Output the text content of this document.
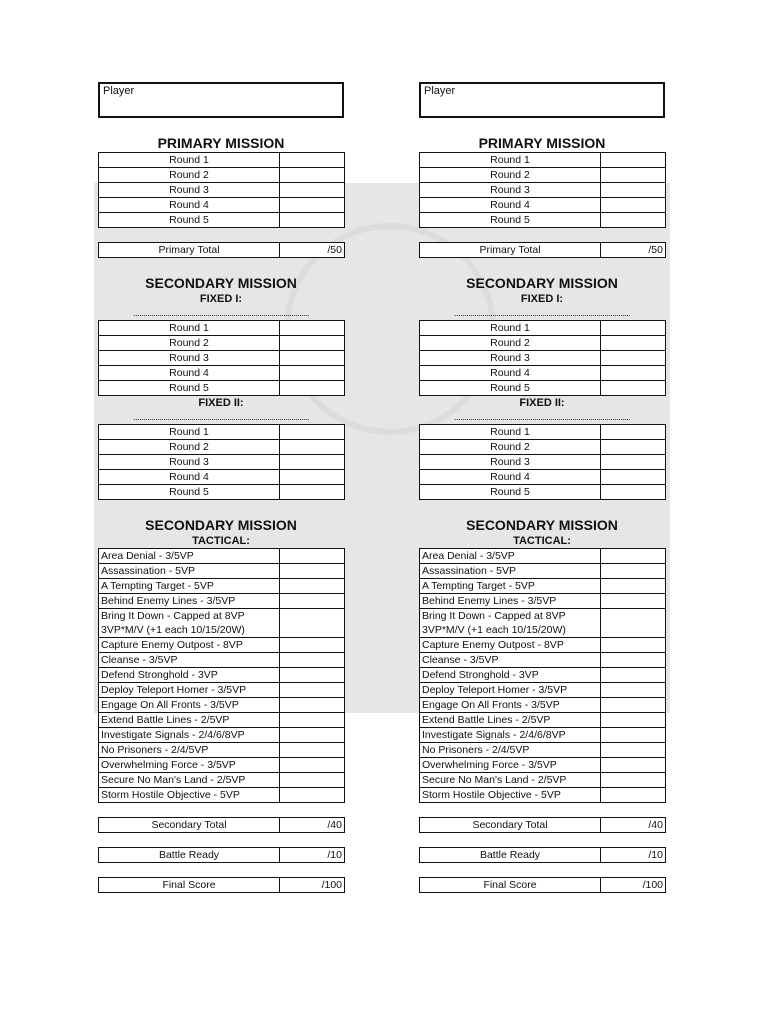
Player
PRIMARY MISSION
Round 1	
Round 2	
Round 3	
Round 4	
Round 5	
Primary Total	/50
SECONDARY MISSION
FIXED I:
........................................................................................
Round 1	
Round 2	
Round 3	
Round 4	
Round 5	
FIXED II:
........................................................................................
Round 1	
Round 2	
Round 3	
Round 4	
Round 5	
SECONDARY MISSION
TACTICAL:
Area Denial - 3/5VP	
Assassination - 5VP	
A Tempting Target - 5VP	
Behind Enemy Lines - 3/5VP	
Bring It Down - Capped at 8VP	
3VP*M/V (+1 each 10/15/20W)	
Capture Enemy Outpost - 8VP	
Cleanse - 3/5VP	
Defend Stronghold - 3VP	
Deploy Teleport Homer - 3/5VP	
Engage On All Fronts - 3/5VP	
Extend Battle Lines - 2/5VP	
Investigate Signals - 2/4/6/8VP	
No Prisoners - 2/4/5VP	
Overwhelming Force - 3/5VP	
Secure No Man's Land - 2/5VP	
Storm Hostile Objective - 5VP	
Secondary Total	/40
Battle Ready	/10
Final Score	/100
Player
PRIMARY MISSION
Round 1	
Round 2	
Round 3	
Round 4	
Round 5	
Primary Total	/50
SECONDARY MISSION
FIXED I:
........................................................................................
Round 1	
Round 2	
Round 3	
Round 4	
Round 5	
FIXED II:
........................................................................................
Round 1	
Round 2	
Round 3	
Round 4	
Round 5	
SECONDARY MISSION
TACTICAL:
Area Denial - 3/5VP	
Assassination - 5VP	
A Tempting Target - 5VP	
Behind Enemy Lines - 3/5VP	
Bring It Down - Capped at 8VP	
3VP*M/V (+1 each 10/15/20W)	
Capture Enemy Outpost - 8VP	
Cleanse - 3/5VP	
Defend Stronghold - 3VP	
Deploy Teleport Homer - 3/5VP	
Engage On All Fronts - 3/5VP	
Extend Battle Lines - 2/5VP	
Investigate Signals - 2/4/6/8VP	
No Prisoners - 2/4/5VP	
Overwhelming Force - 3/5VP	
Secure No Man's Land - 2/5VP	
Storm Hostile Objective - 5VP	
Secondary Total	/40
Battle Ready	/10
Final Score	/100
